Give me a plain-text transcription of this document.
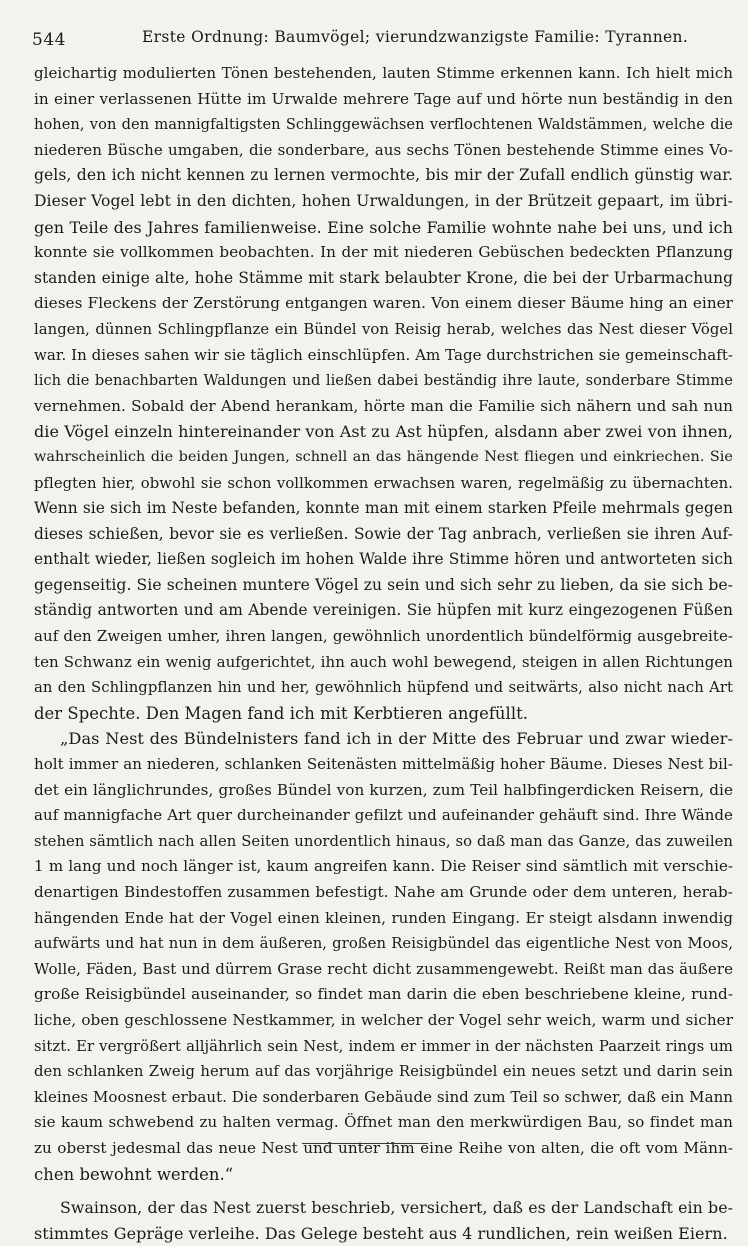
544	Erste Ordnung: Baumvögel; vierundzwanzigste Familie: Tyrannen.
gleichartig modulierten Tönen bestehenden, lauten Stimme erkennen kann. Ich hielt mich
in einer verlassenen Hütte im Urwalde mehrere Tage auf und hörte nun beständig in den
hohen, von den mannigfaltigsten Schlinggewächsen verflochtenen Waldstämmen, welche die
niederen Büsche umgaben, die sonderbare, aus sechs Tönen bestehende Stimme eines Vo-
gels, den ich nicht kennen zu lernen vermochte, bis mir der Zufall endlich günstig war.
Dieser Vogel lebt in den dichten, hohen Urwaldungen, in der Brützeit gepaart, im übri-
gen Teile des Jahres familienweise. Eine solche Familie wohnte nahe bei uns, und ich
konnte sie vollkommen beobachten. In der mit niederen Gebüschen bedeckten Pflanzung
standen einige alte, hohe Stämme mit stark belaubter Krone, die bei der Urbarmachung
dieses Fleckens der Zerstörung entgangen waren. Von einem dieser Bäume hing an einer
langen, dünnen Schlingpflanze ein Bündel von Reisig herab, welches das Nest dieser Vögel
war. In dieses sahen wir sie täglich einschlüpfen. Am Tage durchstrichen sie gemeinschaft-
lich die benachbarten Waldungen und ließen dabei beständig ihre laute, sonderbare Stimme
vernehmen. Sobald der Abend herankam, hörte man die Familie sich nähern und sah nun
die Vögel einzeln hintereinander von Ast zu Ast hüpfen, alsdann aber zwei von ihnen,
wahrscheinlich die beiden Jungen, schnell an das hängende Nest fliegen und einkriechen. Sie
pflegten hier, obwohl sie schon vollkommen erwachsen waren, regelmäßig zu übernachten.
Wenn sie sich im Neste befanden, konnte man mit einem starken Pfeile mehrmals gegen
dieses schießen, bevor sie es verließen. Sowie der Tag anbrach, verließen sie ihren Auf-
enthalt wieder, ließen sogleich im hohen Walde ihre Stimme hören und antworteten sich
gegenseitig. Sie scheinen muntere Vögel zu sein und sich sehr zu lieben, da sie sich be-
ständig antworten und am Abende vereinigen. Sie hüpfen mit kurz eingezogenen Füßen
auf den Zweigen umher, ihren langen, gewöhnlich unordentlich bündelförmig ausgebreite-
ten Schwanz ein wenig aufgerichtet, ihn auch wohl bewegend, steigen in allen Richtungen
an den Schlingpflanzen hin und her, gewöhnlich hüpfend und seitwärts, also nicht nach Art
der Spechte. Den Magen fand ich mit Kerbtieren angefüllt.
„Das Nest des Bündelnisters fand ich in der Mitte des Februar und zwar wieder-
holt immer an niederen, schlanken Seitenästen mittelmäßig hoher Bäume. Dieses Nest bil-
det ein länglichrundes, großes Bündel von kurzen, zum Teil halbfingerdicken Reisern, die
auf mannigfache Art quer durcheinander gefilzt und aufeinander gehäuft sind. Ihre Wände
stehen sämtlich nach allen Seiten unordentlich hinaus, so daß man das Ganze, das zuweilen
1 m lang und noch länger ist, kaum angreifen kann. Die Reiser sind sämtlich mit verschie-
denartigen Bindestoffen zusammen befestigt. Nahe am Grunde oder dem unteren, herab-
hängenden Ende hat der Vogel einen kleinen, runden Eingang. Er steigt alsdann inwendig
aufwärts und hat nun in dem äußeren, großen Reisigbündel das eigentliche Nest von Moos,
Wolle, Fäden, Bast und dürrem Grase recht dicht zusammengewebt. Reißt man das äußere
große Reisigbündel auseinander, so findet man darin die eben beschriebene kleine, rund-
liche, oben geschlossene Nestkammer, in welcher der Vogel sehr weich, warm und sicher
sitzt. Er vergrößert alljährlich sein Nest, indem er immer in der nächsten Paarzeit rings um
den schlanken Zweig herum auf das vorjährige Reisigbündel ein neues setzt und darin sein
kleines Moosnest erbaut. Die sonderbaren Gebäude sind zum Teil so schwer, daß ein Mann
sie kaum schwebend zu halten vermag. Öffnet man den merkwürdigen Bau, so findet man
zu oberst jedesmal das neue Nest und unter ihm eine Reihe von alten, die oft vom Männ-
chen bewohnt werden.“
Swainson, der das Nest zuerst beschrieb, versichert, daß es der Landschaft ein be-
stimmtes Gepräge verleihe. Das Gelege besteht aus 4 rundlichen, rein weißen Eiern.
